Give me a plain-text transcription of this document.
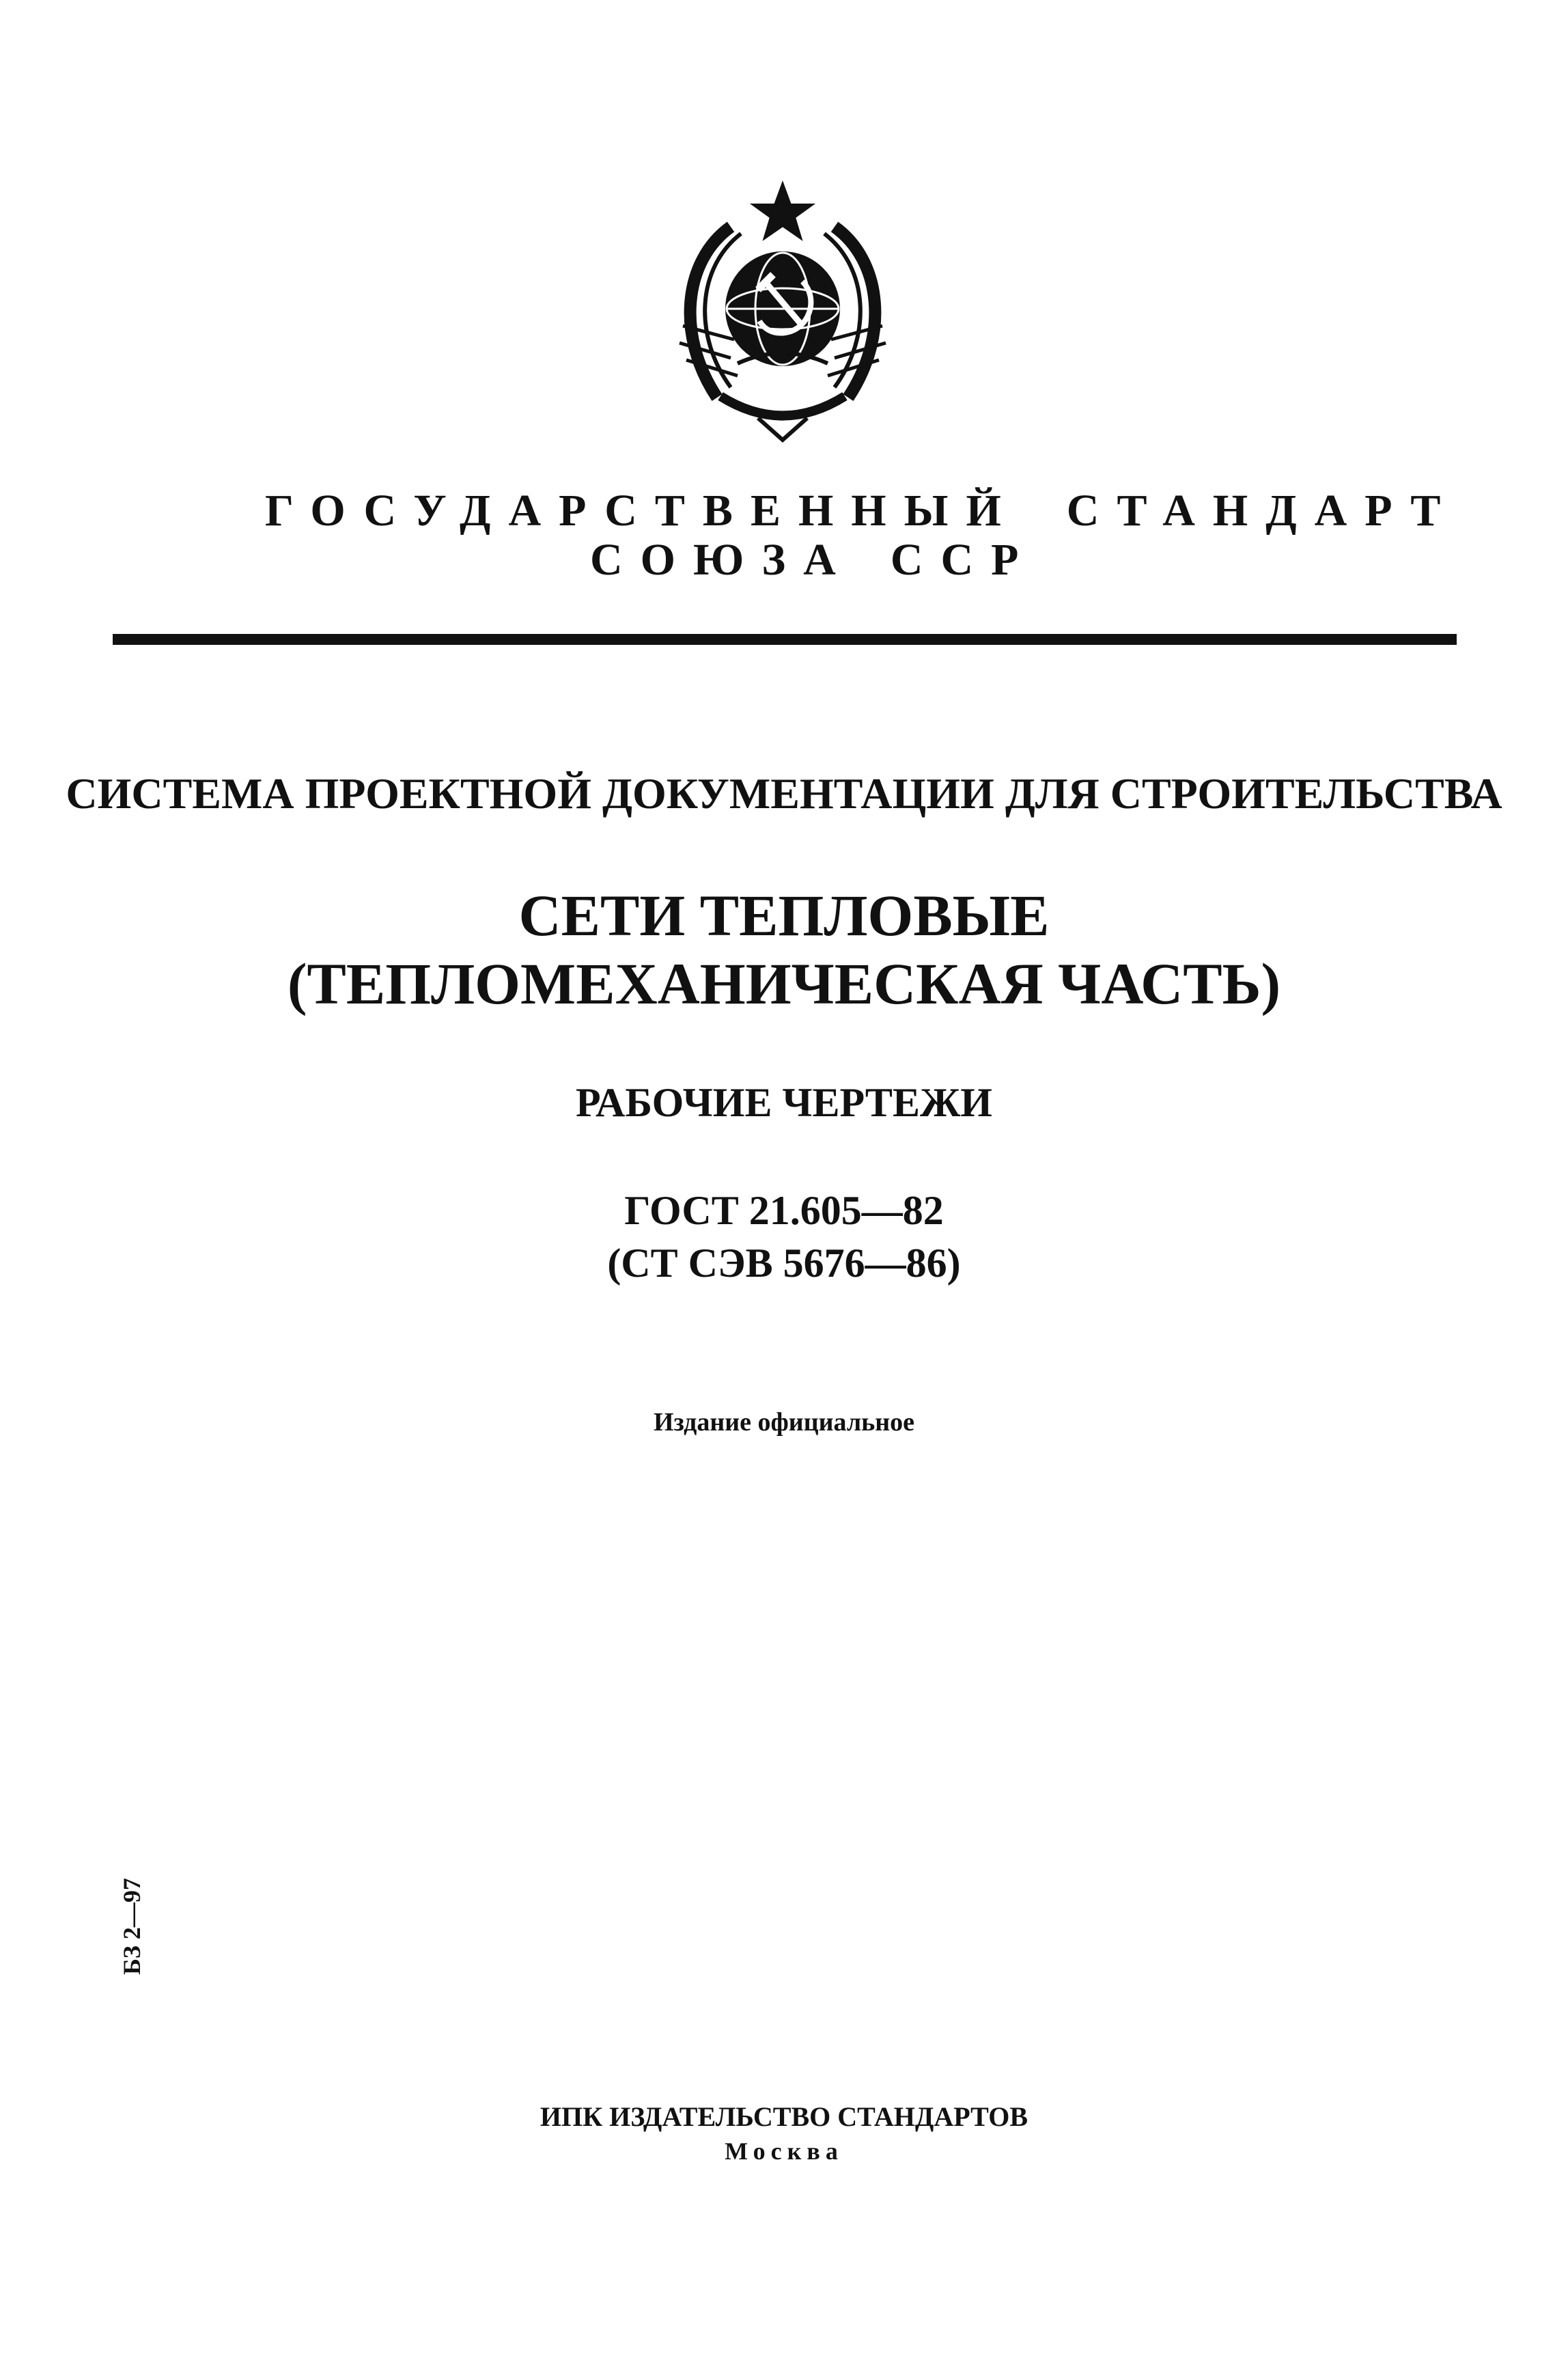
ГОСУДАРСТВЕННЫЙ СТАНДАРТ
СОЮЗА ССР
СИСТЕМА ПРОЕКТНОЙ ДОКУМЕНТАЦИИ ДЛЯ СТРОИТЕЛЬСТВА
СЕТИ ТЕПЛОВЫЕ
(ТЕПЛОМЕХАНИЧЕСКАЯ ЧАСТЬ)
РАБОЧИЕ ЧЕРТЕЖИ
ГОСТ 21.605—82
(СТ СЭВ 5676—86)
Издание официальное
БЗ 2—97
ИПК ИЗДАТЕЛЬСТВО СТАНДАРТОВ
Москва
